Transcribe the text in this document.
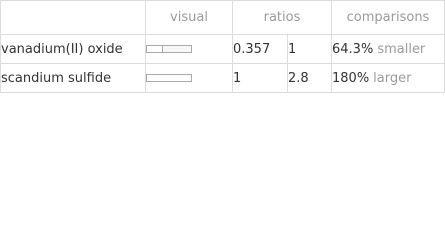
	visual	ratios		comparisons
vanadium(II) oxide		0.357	1	64.3% smaller
scandium sulfide		1	2.8	180% larger
